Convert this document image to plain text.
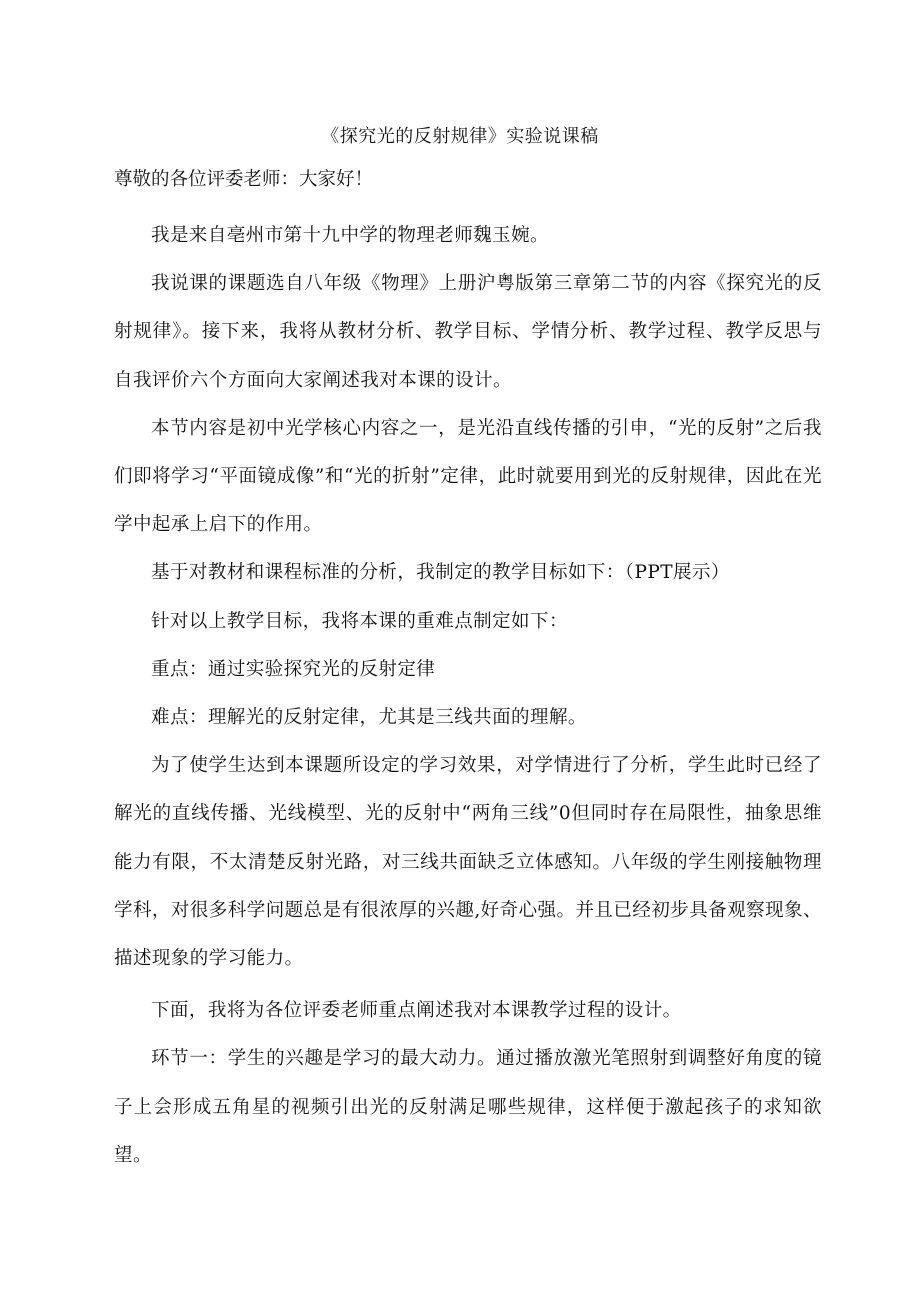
《探究光的反射规律》实验说课稿
尊敬的各位评委老师：大家好！

我是来自亳州市第十九中学的物理老师魏玉婉。

我说课的课题选自八年级《物理》上册沪粤版第三章第二节的内容《探究光的反射规律》。接下来，我将从教材分析、教学目标、学情分析、教学过程、教学反思与自我评价六个方面向大家阐述我对本课的设计。

本节内容是初中光学核心内容之一，是光沿直线传播的引申，“光的反射”之后我们即将学习“平面镜成像”和“光的折射”定律，此时就要用到光的反射规律，因此在光学中起承上启下的作用。

基于对教材和课程标准的分析，我制定的教学目标如下：（PPT展示）

针对以上教学目标，我将本课的重难点制定如下：

重点：通过实验探究光的反射定律

难点：理解光的反射定律，尤其是三线共面的理解。

为了使学生达到本课题所设定的学习效果，对学情进行了分析，学生此时已经了解光的直线传播、光线模型、光的反射中“两角三线”0但同时存在局限性，抽象思维能力有限，不太清楚反射光路，对三线共面缺乏立体感知。八年级的学生刚接触物理学科，对很多科学问题总是有很浓厚的兴趣,好奇心强。并且已经初步具备观察现象、描述现象的学习能力。

下面，我将为各位评委老师重点阐述我对本课教学过程的设计。

环节一：学生的兴趣是学习的最大动力。通过播放激光笔照射到调整好角度的镜子上会形成五角星的视频引出光的反射满足哪些规律，这样便于激起孩子的求知欲望。
